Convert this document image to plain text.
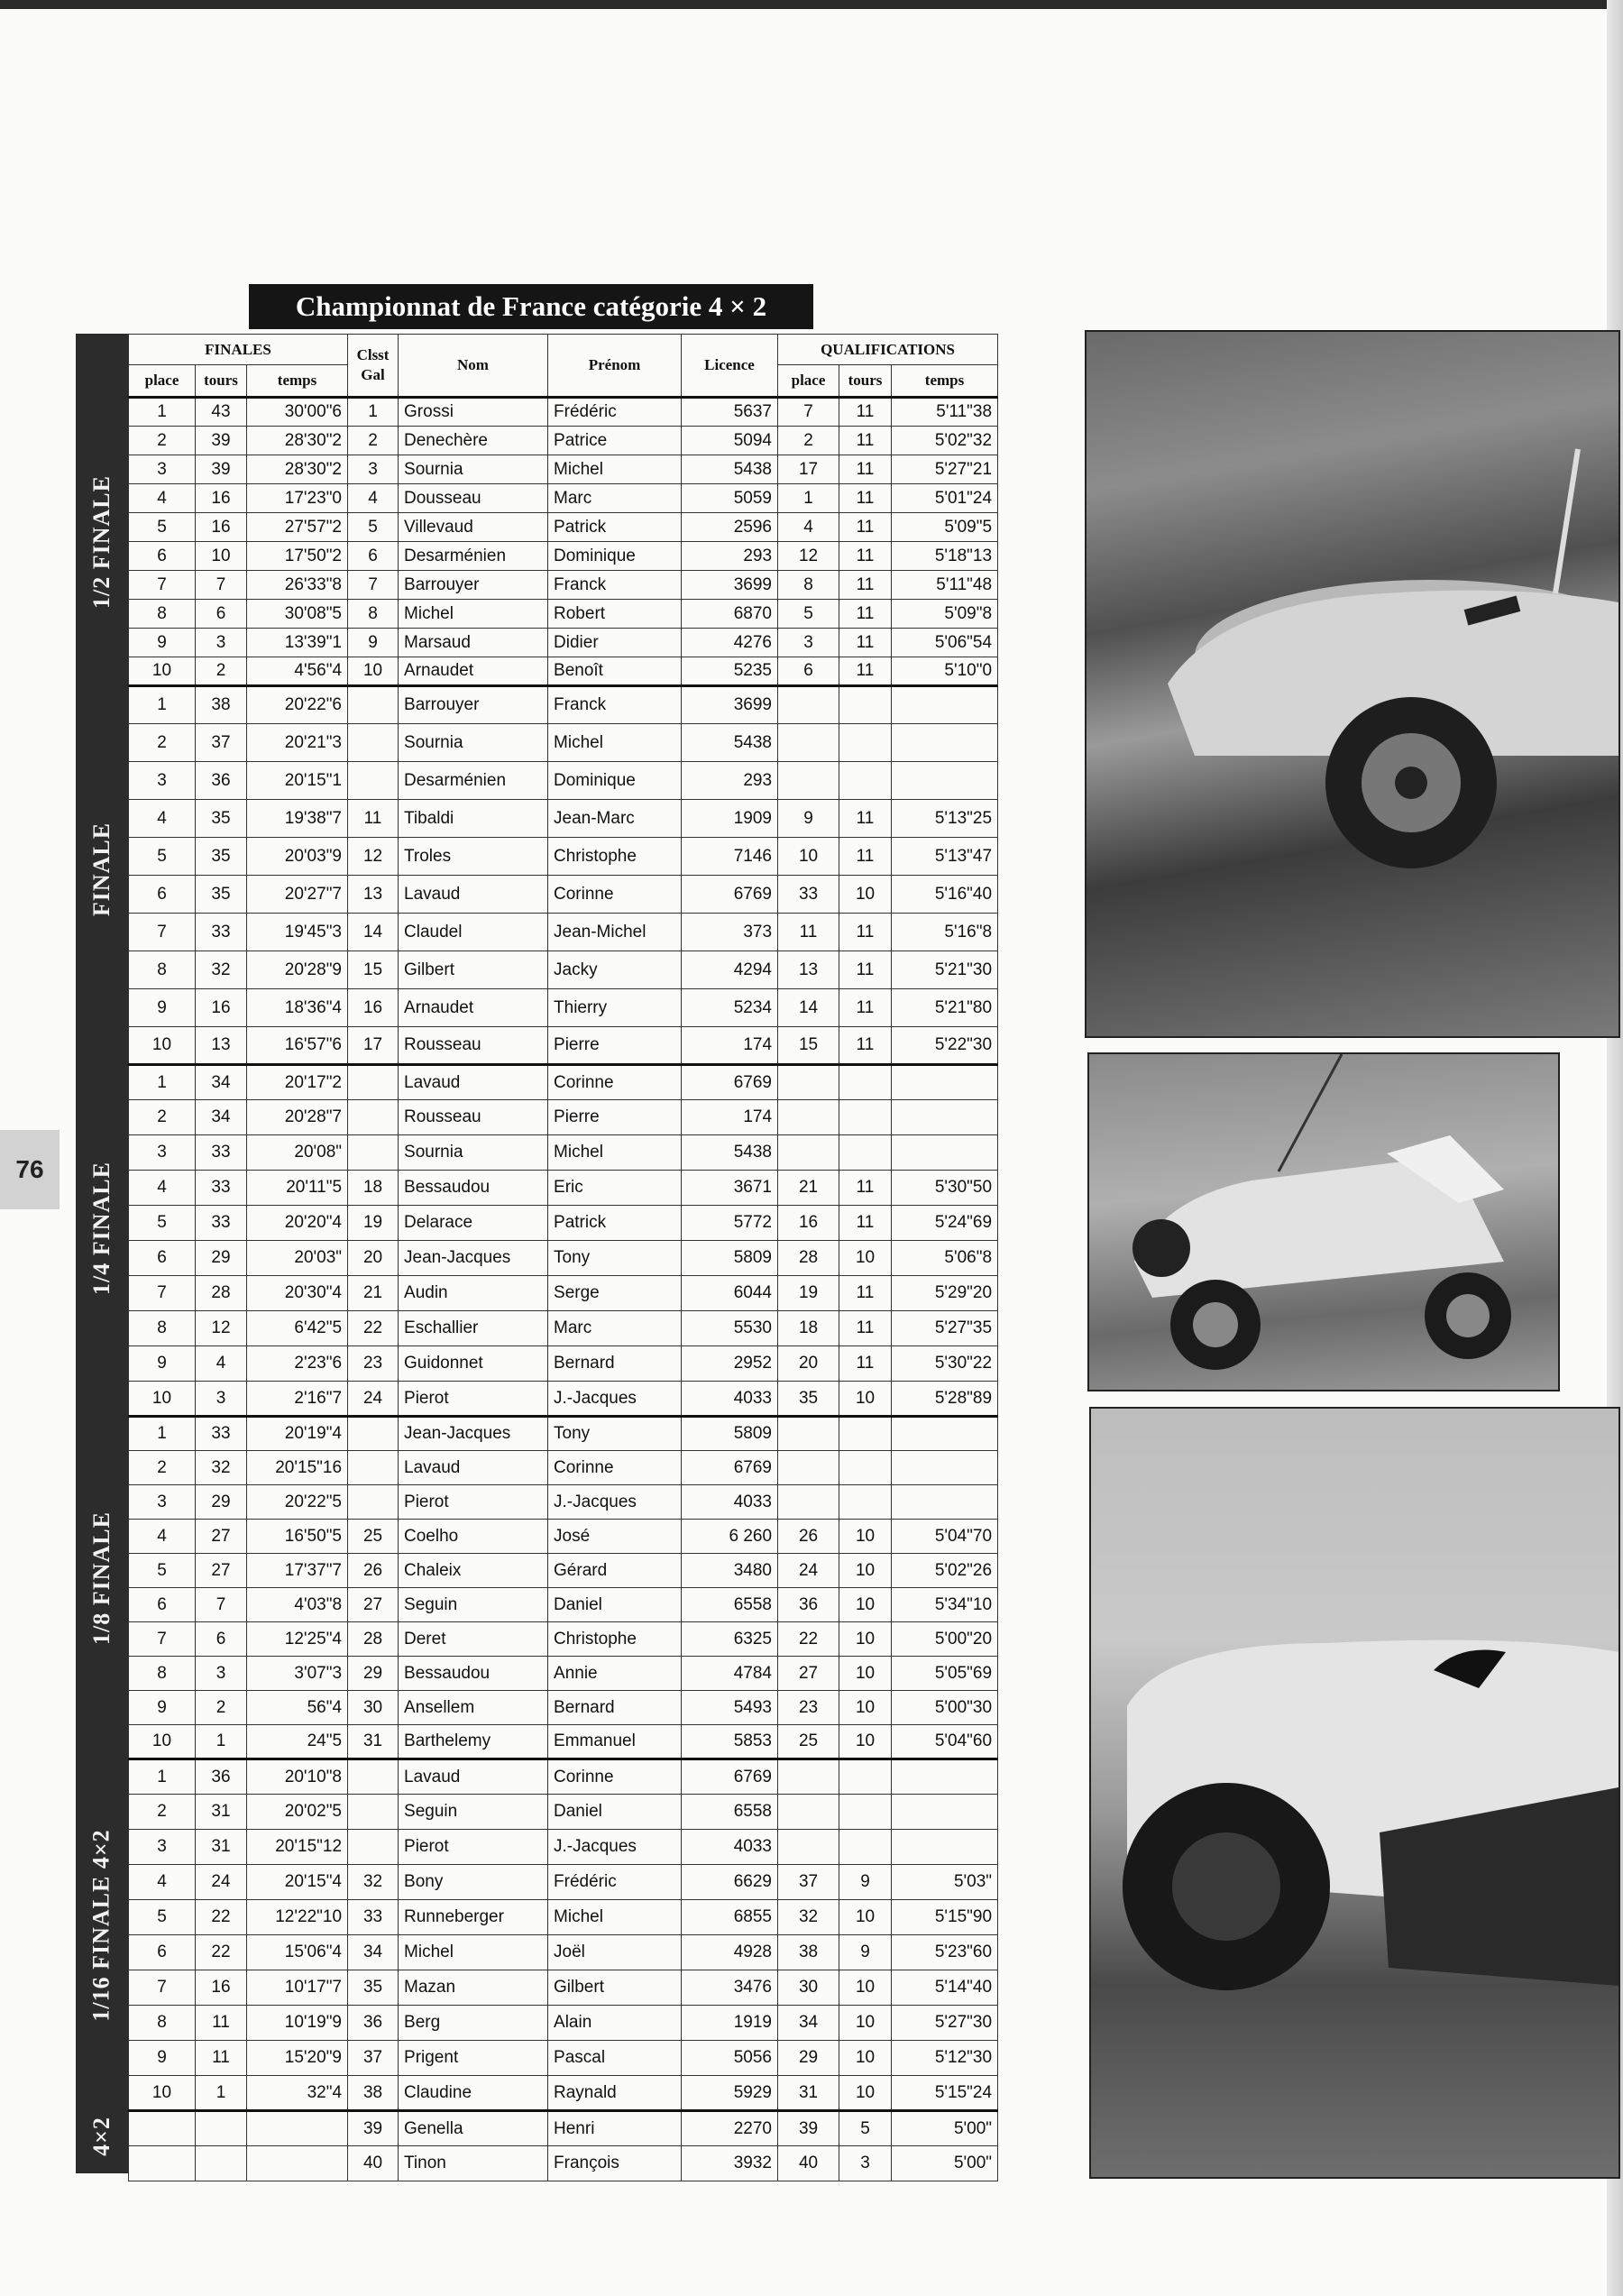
Championnat de France catégorie 4 × 2
1/2 FINALE
FINALE
1/4 FINALE
1/8 FINALE
1/16 FINALE 4×2
4×2
76
FINALES			Clsst Gal	Nom	Prénom	Licence	QUALIFICATIONS		
place	tours	temps					place	tours	temps
1	43	30'00"6	1	Grossi	Frédéric	5637	7	11	5'11"38
2	39	28'30"2	2	Denechère	Patrice	5094	2	11	5'02"32
3	39	28'30"2	3	Sournia	Michel	5438	17	11	5'27"21
4	16	17'23"0	4	Dousseau	Marc	5059	1	11	5'01"24
5	16	27'57"2	5	Villevaud	Patrick	2596	4	11	5'09"5
6	10	17'50"2	6	Desarménien	Dominique	293	12	11	5'18"13
7	7	26'33"8	7	Barrouyer	Franck	3699	8	11	5'11"48
8	6	30'08"5	8	Michel	Robert	6870	5	11	5'09"8
9	3	13'39"1	9	Marsaud	Didier	4276	3	11	5'06"54
10	2	4'56"4	10	Arnaudet	Benoît	5235	6	11	5'10"0
1	38	20'22"6		Barrouyer	Franck	3699			
2	37	20'21"3		Sournia	Michel	5438			
3	36	20'15"1		Desarménien	Dominique	293			
4	35	19'38"7	11	Tibaldi	Jean-Marc	1909	9	11	5'13"25
5	35	20'03"9	12	Troles	Christophe	7146	10	11	5'13"47
6	35	20'27"7	13	Lavaud	Corinne	6769	33	10	5'16"40
7	33	19'45"3	14	Claudel	Jean-Michel	373	11	11	5'16"8
8	32	20'28"9	15	Gilbert	Jacky	4294	13	11	5'21"30
9	16	18'36"4	16	Arnaudet	Thierry	5234	14	11	5'21"80
10	13	16'57"6	17	Rousseau	Pierre	174	15	11	5'22"30
1	34	20'17"2		Lavaud	Corinne	6769			
2	34	20'28"7		Rousseau	Pierre	174			
3	33	20'08"		Sournia	Michel	5438			
4	33	20'11"5	18	Bessaudou	Eric	3671	21	11	5'30"50
5	33	20'20"4	19	Delarace	Patrick	5772	16	11	5'24"69
6	29	20'03"	20	Jean-Jacques	Tony	5809	28	10	5'06"8
7	28	20'30"4	21	Audin	Serge	6044	19	11	5'29"20
8	12	6'42"5	22	Eschallier	Marc	5530	18	11	5'27"35
9	4	2'23"6	23	Guidonnet	Bernard	2952	20	11	5'30"22
10	3	2'16"7	24	Pierot	J.-Jacques	4033	35	10	5'28"89
1	33	20'19"4		Jean-Jacques	Tony	5809			
2	32	20'15"16		Lavaud	Corinne	6769			
3	29	20'22"5		Pierot	J.-Jacques	4033			
4	27	16'50"5	25	Coelho	José	6 260	26	10	5'04"70
5	27	17'37"7	26	Chaleix	Gérard	3480	24	10	5'02"26
6	7	4'03"8	27	Seguin	Daniel	6558	36	10	5'34"10
7	6	12'25"4	28	Deret	Christophe	6325	22	10	5'00"20
8	3	3'07"3	29	Bessaudou	Annie	4784	27	10	5'05"69
9	2	56"4	30	Ansellem	Bernard	5493	23	10	5'00"30
10	1	24"5	31	Barthelemy	Emmanuel	5853	25	10	5'04"60
1	36	20'10"8		Lavaud	Corinne	6769			
2	31	20'02"5		Seguin	Daniel	6558			
3	31	20'15"12		Pierot	J.-Jacques	4033			
4	24	20'15"4	32	Bony	Frédéric	6629	37	9	5'03"
5	22	12'22"10	33	Runneberger	Michel	6855	32	10	5'15"90
6	22	15'06"4	34	Michel	Joël	4928	38	9	5'23"60
7	16	10'17"7	35	Mazan	Gilbert	3476	30	10	5'14"40
8	11	10'19"9	36	Berg	Alain	1919	34	10	5'27"30
9	11	15'20"9	37	Prigent	Pascal	5056	29	10	5'12"30
10	1	32"4	38	Claudine	Raynald	5929	31	10	5'15"24
			39	Genella	Henri	2270	39	5	5'00"
			40	Tinon	François	3932	40	3	5'00"
